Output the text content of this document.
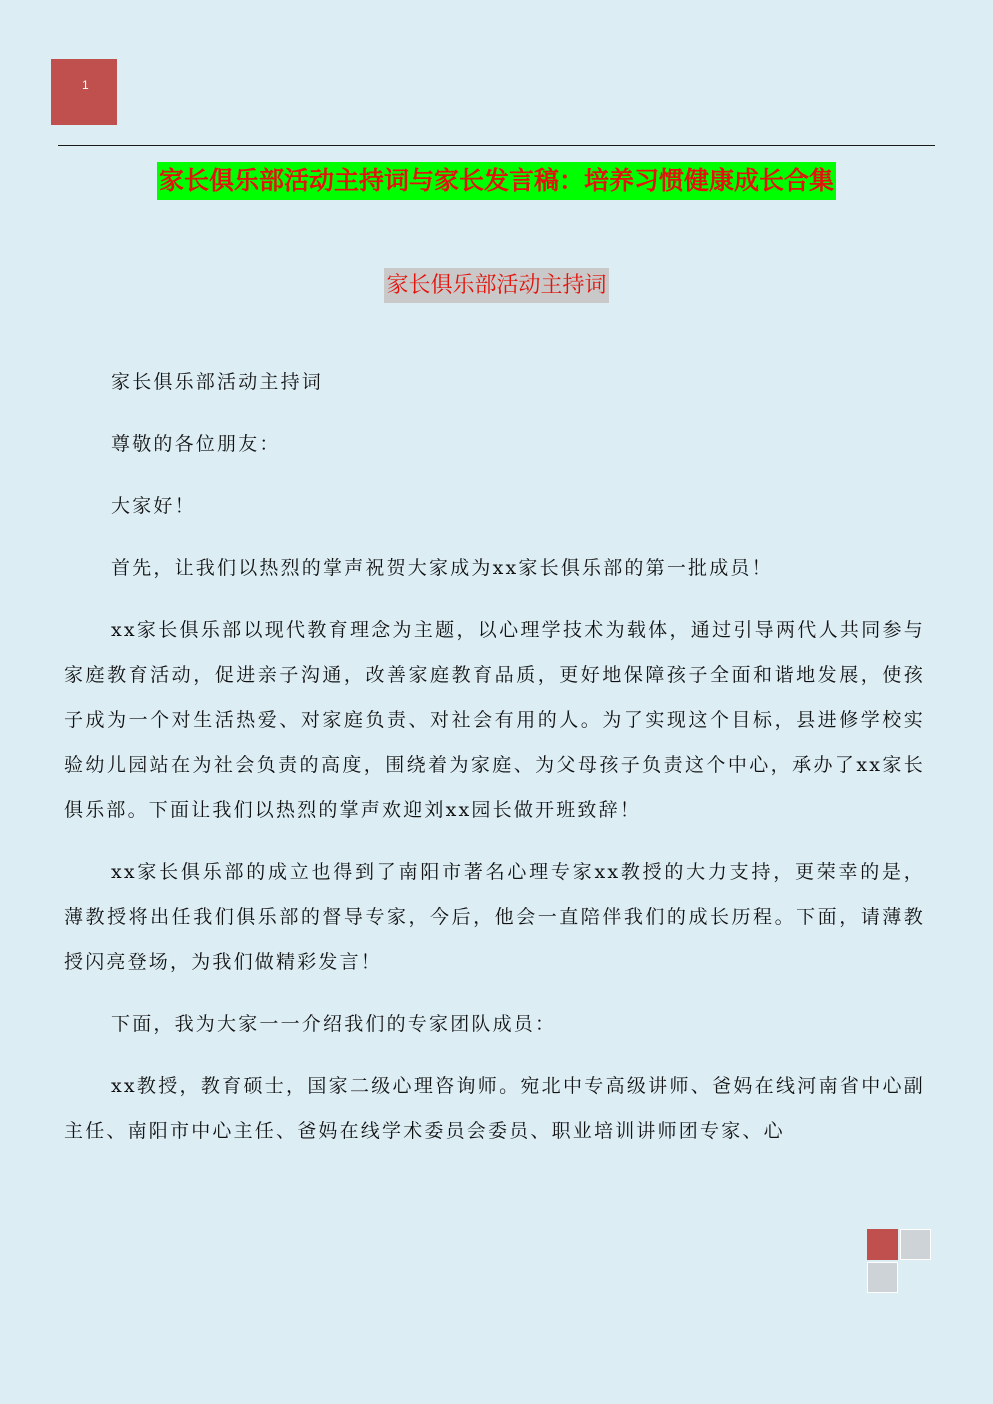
1
家长俱乐部活动主持词与家长发言稿：培养习惯健康成长合集
家长俱乐部活动主持词

家长俱乐部活动主持词

尊敬的各位朋友：

大家好！

首先，让我们以热烈的掌声祝贺大家成为xx家长俱乐部的第一批成员！

xx家长俱乐部以现代教育理念为主题，以心理学技术为载体，通过引导两代人共同参与家庭教育活动，促进亲子沟通，改善家庭教育品质，更好地保障孩子全面和谐地发展，使孩子成为一个对生活热爱、对家庭负责、对社会有用的人。为了实现这个目标，县进修学校实验幼儿园站在为社会负责的高度，围绕着为家庭、为父母孩子负责这个中心，承办了xx家长俱乐部。下面让我们以热烈的掌声欢迎刘xx园长做开班致辞！

xx家长俱乐部的成立也得到了南阳市著名心理专家xx教授的大力支持，更荣幸的是，薄教授将出任我们俱乐部的督导专家，今后，他会一直陪伴我们的成长历程。下面，请薄教授闪亮登场，为我们做精彩发言！

下面，我为大家一一介绍我们的专家团队成员：

xx教授，教育硕士，国家二级心理咨询师。宛北中专高级讲师、爸妈在线河南省中心副主任、南阳市中心主任、爸妈在线学术委员会委员、职业培训讲师团专家、心
